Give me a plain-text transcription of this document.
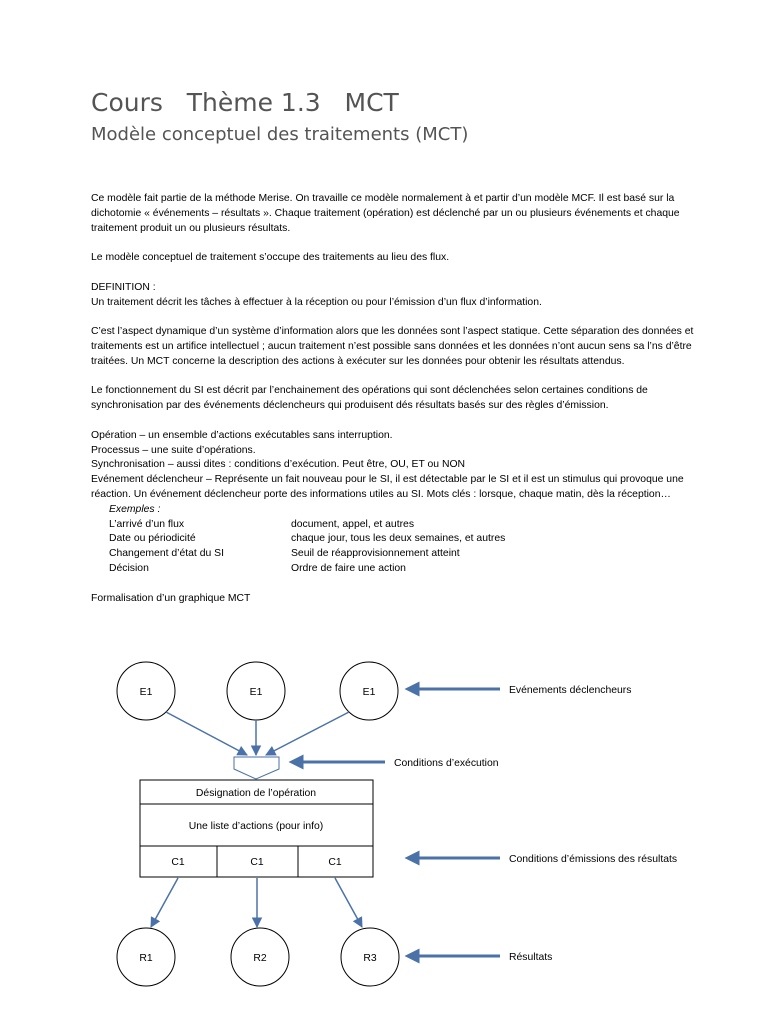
Cours   Thème 1.3   MCT
Modèle conceptuel des traitements (MCT)

Ce modèle fait partie de la méthode Merise. On travaille ce modèle normalement à et partir d’un modèle MCF. Il est basé sur la dichotomie « événements – résultats ». Chaque traitement (opération) est déclenché par un ou plusieurs événements et chaque traitement produit un ou plusieurs résultats.

Le modèle conceptuel de traitement s’occupe des traitements au lieu des flux.

DEFINITION :

Un traitement décrit les tâches à effectuer à la réception ou pour l’émission d’un flux d’information.

C’est l’aspect dynamique d’un système d’information alors que les données sont l’aspect statique. Cette séparation des données et traitements est un artifice intellectuel ; aucun traitement n’est possible sans données et les données n’ont aucun sens sa l’ns d’être traitées. Un MCT concerne la description des actions à exécuter sur les données pour obtenir les résultats attendus.

Le fonctionnement du SI est décrit par l’enchainement des opérations qui sont déclenchées selon certaines conditions de synchronisation par des événements déclencheurs qui produisent dés résultats basés sur des règles d’émission.

Opération – un ensemble d’actions exécutables sans interruption.

Processus – une suite d’opérations.

Synchronisation – aussi dites : conditions d’exécution. Peut être, OU, ET ou NON

Evénement déclencheur – Représente un fait nouveau pour le SI, il est détectable par le SI et il est un stimulus qui provoque une réaction. Un événement déclencheur porte des informations utiles au SI. Mots clés : lorsque, chaque matin, dès la réception…

Exemples :

L’arrivé d’un flux	document, appel, et autres
Date ou périodicité	chaque jour, tous les deux semaines, et autres
Changement d’état du SI	Seuil de réapprovisionnement atteint
Décision	Ordre de faire une action

Formalisation d’un graphique MCT

E1	E1	E1
Désignation de l’opération
Une liste d’actions (pour info)
C1	C1	C1
R1	R2	R3
Evénements déclencheurs
Conditions d’exécution
Conditions d’émissions des résultats
Résultats
